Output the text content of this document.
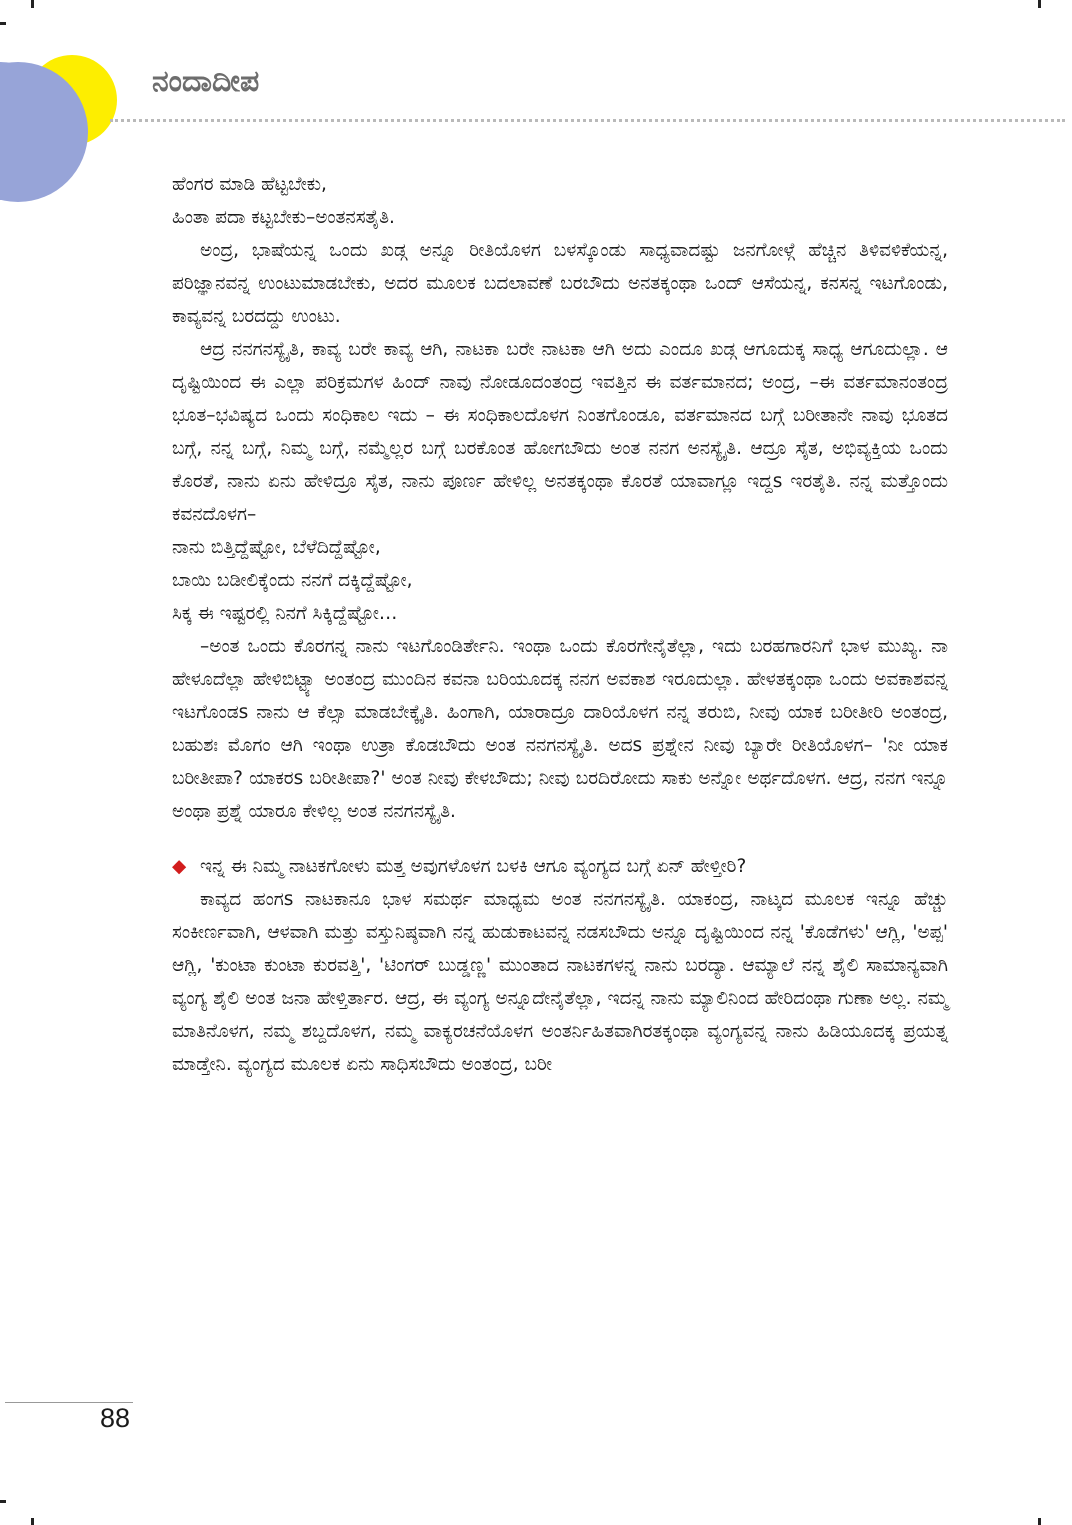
ನಂದಾದೀಪ

ಹೆಂಗರ ಮಾಡಿ ಹೆಟ್ಟಬೇಕು,

ಹಿಂತಾ ಪದಾ ಕಟ್ಟಬೇಕು–ಅಂತನಸತೈತಿ.

ಅಂದ್ರ, ಭಾಷೆಯನ್ನ ಒಂದು ಖಡ್ಗ ಅನ್ನೂ ರೀತಿಯೊಳಗ ಬಳಸ್ಕೊಂಡು ಸಾಧ್ಯವಾದಷ್ಟು ಜನಗೋಳ್ಗೆ ಹೆಚ್ಚಿನ ತಿಳಿವಳಿಕೆಯನ್ನ, ಪರಿಜ್ಞಾನವನ್ನ ಉಂಟುಮಾಡಬೇಕು, ಅದರ ಮೂಲಕ ಬದಲಾವಣೆ ಬರಬೌದು ಅನತಕ್ಕಂಥಾ ಒಂದ್ ಆಸೆಯನ್ನ, ಕನಸನ್ನ ಇಟಗೊಂಡು, ಕಾವ್ಯವನ್ನ ಬರದದ್ದು ಉಂಟು.

ಆದ್ರ ನನಗನಸ್ಯೈತಿ, ಕಾವ್ಯ ಬರೇ ಕಾವ್ಯ ಆಗಿ, ನಾಟಕಾ ಬರೇ ನಾಟಕಾ ಆಗಿ ಅದು ಎಂದೂ ಖಡ್ಗ ಆಗೂದುಕ್ಕ ಸಾಧ್ಯ ಆಗೂದುಲ್ಲಾ. ಆ ದೃಷ್ಟಿಯಿಂದ ಈ ಎಲ್ಲಾ ಪರಿಕ್ರಮಗಳ ಹಿಂದ್ ನಾವು ನೋಡೂದಂತಂದ್ರ ಇವತ್ತಿನ ಈ ವರ್ತಮಾನದ; ಅಂದ್ರ, –ಈ ವರ್ತಮಾನಂತಂದ್ರ ಭೂತ–ಭವಿಷ್ಯದ ಒಂದು ಸಂಧಿಕಾಲ ಇದು – ಈ ಸಂಧಿಕಾಲದೊಳಗ ನಿಂತಗೊಂಡೂ, ವರ್ತಮಾನದ ಬಗ್ಗೆ ಬರೀತಾನೇ ನಾವು ಭೂತದ ಬಗ್ಗೆ, ನನ್ನ ಬಗ್ಗೆ, ನಿಮ್ಮ ಬಗ್ಗೆ, ನಮ್ಮೆಲ್ಲರ ಬಗ್ಗೆ ಬರಕೊಂತ ಹೋಗಬೌದು ಅಂತ ನನಗ ಅನಸ್ಯೈತಿ. ಆದ್ರೂ ಸೈತ, ಅಭಿವ್ಯಕ್ತಿಯ ಒಂದು ಕೊರತೆ, ನಾನು ಏನು ಹೇಳಿದ್ರೂ ಸೈತ, ನಾನು ಪೂರ್ಣ ಹೇಳಿಲ್ಲ ಅನತಕ್ಕಂಥಾ ಕೊರತೆ ಯಾವಾಗ್ಲೂ ಇದ್ದs ಇರತೈತಿ. ನನ್ನ ಮತ್ತೊಂದು ಕವನದೊಳಗ–

ನಾನು ಬಿತ್ತಿದ್ದೆಷ್ಟೋ, ಬೆಳೆದಿದ್ದೆಷ್ಟೋ,

ಬಾಯಿ ಬಡೀಲಿಕ್ಕೆಂದು ನನಗೆ ದಕ್ಕಿದ್ದೆಷ್ಟೋ,

ಸಿಕ್ಕ ಈ ಇಷ್ಟರಲ್ಲಿ ನಿನಗೆ ಸಿಕ್ಕಿದ್ದೆಷ್ಟೋ…

–ಅಂತ ಒಂದು ಕೊರಗನ್ನ ನಾನು ಇಟಗೊಂಡಿರ್ತೇನಿ. ಇಂಥಾ ಒಂದು ಕೊರಗೇನೈತೆಲ್ಲಾ, ಇದು ಬರಹಗಾರನಿಗೆ ಭಾಳ ಮುಖ್ಯ. ನಾ ಹೇಳೂದೆಲ್ಲಾ ಹೇಳಿಬಿಟ್ಟ್ಯಾ ಅಂತಂದ್ರ ಮುಂದಿನ ಕವನಾ ಬರಿಯೂದಕ್ಕ ನನಗ ಅವಕಾಶ ಇರೂದುಲ್ಲಾ. ಹೇಳತಕ್ಕಂಥಾ ಒಂದು ಅವಕಾಶವನ್ನ ಇಟಗೊಂಡs ನಾನು ಆ ಕೆಲ್ಸಾ ಮಾಡಬೇಕ್ಕೈತಿ. ಹಿಂಗಾಗಿ, ಯಾರಾದ್ರೂ ದಾರಿಯೊಳಗ ನನ್ನ ತರುಬಿ, ನೀವು ಯಾಕ ಬರೀತೀರಿ ಅಂತಂದ್ರ, ಬಹುಶಃ ಮೊಗಂ ಆಗಿ ಇಂಥಾ ಉತ್ರಾ ಕೊಡಬೌದು ಅಂತ ನನಗನಸ್ಯೈತಿ. ಅದs ಪ್ರಶ್ನೇನ ನೀವು ಬ್ಯಾರೇ ರೀತಿಯೊಳಗ– 'ನೀ ಯಾಕ ಬರೀತೀಪಾ? ಯಾಕರs ಬರೀತೀಪಾ?' ಅಂತ ನೀವು ಕೇಳಬೌದು; ನೀವು ಬರದಿರೋದು ಸಾಕು ಅನ್ನೋ ಅರ್ಥದೊಳಗ. ಆದ್ರ, ನನಗ ಇನ್ನೂ ಅಂಥಾ ಪ್ರಶ್ನೆ ಯಾರೂ ಕೇಳಿಲ್ಲ ಅಂತ ನನಗನಸ್ಯೈತಿ.

◆ ಇನ್ನ ಈ ನಿಮ್ಮ ನಾಟಕಗೋಳು ಮತ್ತ ಅವುಗಳೊಳಗ ಬಳಕಿ ಆಗೂ ವ್ಯಂಗ್ಯದ ಬಗ್ಗೆ ಏನ್ ಹೇಳ್ತೀರಿ?

ಕಾವ್ಯದ ಹಂಗs ನಾಟಕಾನೂ ಭಾಳ ಸಮರ್ಥ ಮಾಧ್ಯಮ ಅಂತ ನನಗನಸ್ಯೈತಿ. ಯಾಕಂದ್ರ, ನಾಟ್ಕದ ಮೂಲಕ ಇನ್ನೂ ಹೆಚ್ಚು ಸಂಕೀರ್ಣವಾಗಿ, ಆಳವಾಗಿ ಮತ್ತು ವಸ್ತುನಿಷ್ಠವಾಗಿ ನನ್ನ ಹುಡುಕಾಟವನ್ನ ನಡಸಬೌದು ಅನ್ನೂ ದೃಷ್ಟಿಯಿಂದ ನನ್ನ 'ಕೊಡೆಗಳು' ಆಗ್ಲಿ, 'ಅಪ್ಪ' ಆಗ್ಲಿ, 'ಕುಂಟಾ ಕುಂಟಾ ಕುರವತ್ತಿ', 'ಟಿಂಗರ್ ಬುಡ್ಡಣ್ಣ' ಮುಂತಾದ ನಾಟಕಗಳನ್ನ ನಾನು ಬರದ್ಯಾ. ಆಮ್ಯಾಲೆ ನನ್ನ ಶೈಲಿ ಸಾಮಾನ್ಯವಾಗಿ ವ್ಯಂಗ್ಯ ಶೈಲಿ ಅಂತ ಜನಾ ಹೇಳ್ತಿರ್ತಾರ. ಆದ್ರ, ಈ ವ್ಯಂಗ್ಯ ಅನ್ನೂದೇನೈತೆಲ್ಲಾ, ಇದನ್ನ ನಾನು ಮ್ಯಾಲಿನಿಂದ ಹೇರಿದಂಥಾ ಗುಣಾ ಅಲ್ಲ. ನಮ್ಮ ಮಾತಿನೊಳಗ, ನಮ್ಮ ಶಬ್ದದೊಳಗ, ನಮ್ಮ ವಾಕ್ಯರಚನೆಯೊಳಗ ಅಂತರ್ನಿಹಿತವಾಗಿರತಕ್ಕಂಥಾ ವ್ಯಂಗ್ಯವನ್ನ ನಾನು ಹಿಡಿಯೂದಕ್ಕ ಪ್ರಯತ್ನ ಮಾಡ್ತೇನಿ. ವ್ಯಂಗ್ಯದ ಮೂಲಕ ಏನು ಸಾಧಿಸಬೌದು ಅಂತಂದ್ರ, ಬರೀ

88
